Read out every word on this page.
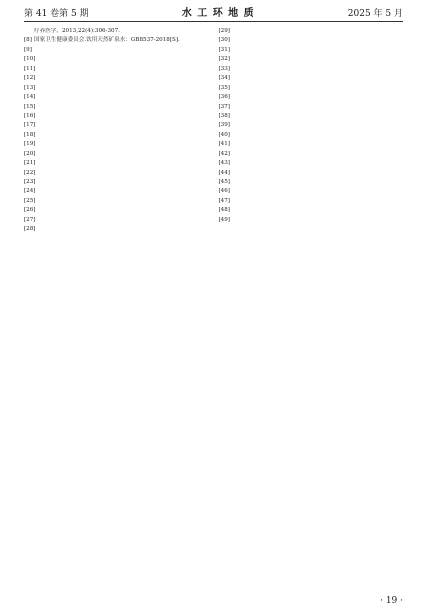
第 41 卷第 5 期	水 工 环 地 质	2025 年 5 月

疗养医学，2013,22(4):306-307.

[8] 国家卫生健康委员会.饮用天然矿泉水：GB8537-2018[S].

[9]

[10]

[11]

[12]

[13]

[14]

[15]

[16]

[17]

[18]

[19]

[20]

[21]

[22]

[23]

[24]

[25]

[26]

[27]

[28]

[29]

[30]

[31]

[32]

[33]

[34]

[35]

[36]

[37]

[38]

[39]

[40]

[41]

[42]

[43]

[44]

[45]

[46]

[47]

[48]

[49]

· 19 ·
